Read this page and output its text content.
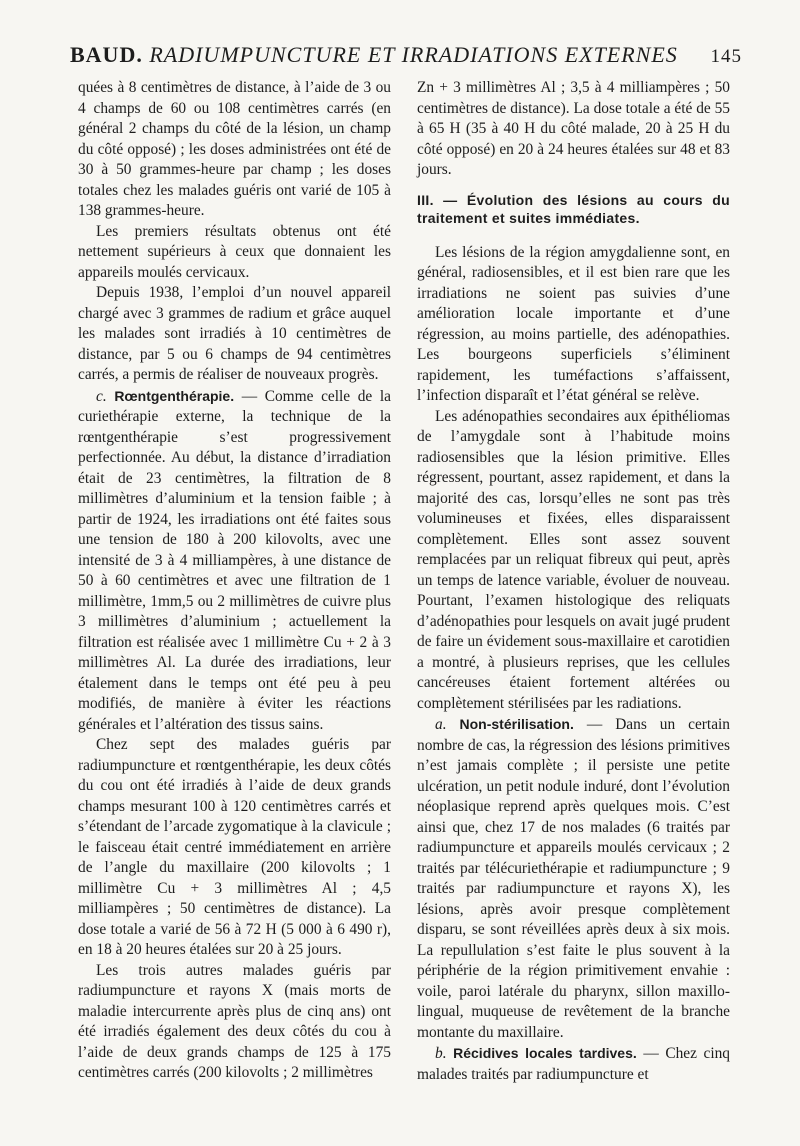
BAUD. RADIUMPUNCTURE ET IRRADIATIONS EXTERNES 145

quées à 8 centimètres de distance, à l’aide de 3 ou 4 champs de 60 ou 108 centimètres carrés (en général 2 champs du côté de la lésion, un champ du côté opposé) ; les doses administrées ont été de 30 à 50 grammes-heure par champ ; les doses totales chez les malades guéris ont varié de 105 à 138 grammes-heure.

Les premiers résultats obtenus ont été nettement supérieurs à ceux que donnaient les appareils moulés cervicaux.

Depuis 1938, l’emploi d’un nouvel appareil chargé avec 3 grammes de radium et grâce auquel les malades sont irradiés à 10 centimètres de distance, par 5 ou 6 champs de 94 centimètres carrés, a permis de réaliser de nouveaux progrès.

c. Rœntgenthérapie. — Comme celle de la curiethérapie externe, la technique de la rœntgenthérapie s’est progressivement perfectionnée. Au début, la distance d’irradiation était de 23 centimètres, la filtration de 8 millimètres d’aluminium et la tension faible ; à partir de 1924, les irradiations ont été faites sous une tension de 180 à 200 kilovolts, avec une intensité de 3 à 4 milliampères, à une distance de 50 à 60 centimètres et avec une filtration de 1 millimètre, 1mm,5 ou 2 millimètres de cuivre plus 3 millimètres d’aluminium ; actuellement la filtration est réalisée avec 1 millimètre Cu + 2 à 3 millimètres Al. La durée des irradiations, leur étalement dans le temps ont été peu à peu modifiés, de manière à éviter les réactions générales et l’altération des tissus sains.

Chez sept des malades guéris par radiumpuncture et rœntgenthérapie, les deux côtés du cou ont été irradiés à l’aide de deux grands champs mesurant 100 à 120 centimètres carrés et s’étendant de l’arcade zygomatique à la clavicule ; le faisceau était centré immédiatement en arrière de l’angle du maxillaire (200 kilovolts ; 1 millimètre Cu + 3 millimètres Al ; 4,5 milliampères ; 50 centimètres de distance). La dose totale a varié de 56 à 72 H (5 000 à 6 490 r), en 18 à 20 heures étalées sur 20 à 25 jours.

Les trois autres malades guéris par radiumpuncture et rayons X (mais morts de maladie intercurrente après plus de cinq ans) ont été irradiés également des deux côtés du cou à l’aide de deux grands champs de 125 à 175 centimètres carrés (200 kilovolts ; 2 millimètres

Zn + 3 millimètres Al ; 3,5 à 4 milliampères ; 50 centimètres de distance). La dose totale a été de 55 à 65 H (35 à 40 H du côté malade, 20 à 25 H du côté opposé) en 20 à 24 heures étalées sur 48 et 83 jours.

III. — Évolution des lésions au cours du traitement et suites immédiates.

Les lésions de la région amygdalienne sont, en général, radiosensibles, et il est bien rare que les irradiations ne soient pas suivies d’une amélioration locale importante et d’une régression, au moins partielle, des adénopathies. Les bourgeons superficiels s’éliminent rapidement, les tuméfactions s’affaissent, l’infection disparaît et l’état général se relève.

Les adénopathies secondaires aux épithéliomas de l’amygdale sont à l’habitude moins radiosensibles que la lésion primitive. Elles régressent, pourtant, assez rapidement, et dans la majorité des cas, lorsqu’elles ne sont pas très volumineuses et fixées, elles disparaissent complètement. Elles sont assez souvent remplacées par un reliquat fibreux qui peut, après un temps de latence variable, évoluer de nouveau. Pourtant, l’examen histologique des reliquats d’adénopathies pour lesquels on avait jugé prudent de faire un évidement sous-maxillaire et carotidien a montré, à plusieurs reprises, que les cellules cancéreuses étaient fortement altérées ou complètement stérilisées par les radiations.

a. Non-stérilisation. — Dans un certain nombre de cas, la régression des lésions primitives n’est jamais complète ; il persiste une petite ulcération, un petit nodule induré, dont l’évolution néoplasique reprend après quelques mois. C’est ainsi que, chez 17 de nos malades (6 traités par radiumpuncture et appareils moulés cervicaux ; 2 traités par télécuriethérapie et radiumpuncture ; 9 traités par radiumpuncture et rayons X), les lésions, après avoir presque complètement disparu, se sont réveillées après deux à six mois. La repullulation s’est faite le plus souvent à la périphérie de la région primitivement envahie : voile, paroi latérale du pharynx, sillon maxillo-lingual, muqueuse de revêtement de la branche montante du maxillaire.

b. Récidives locales tardives. — Chez cinq malades traités par radiumpuncture et
